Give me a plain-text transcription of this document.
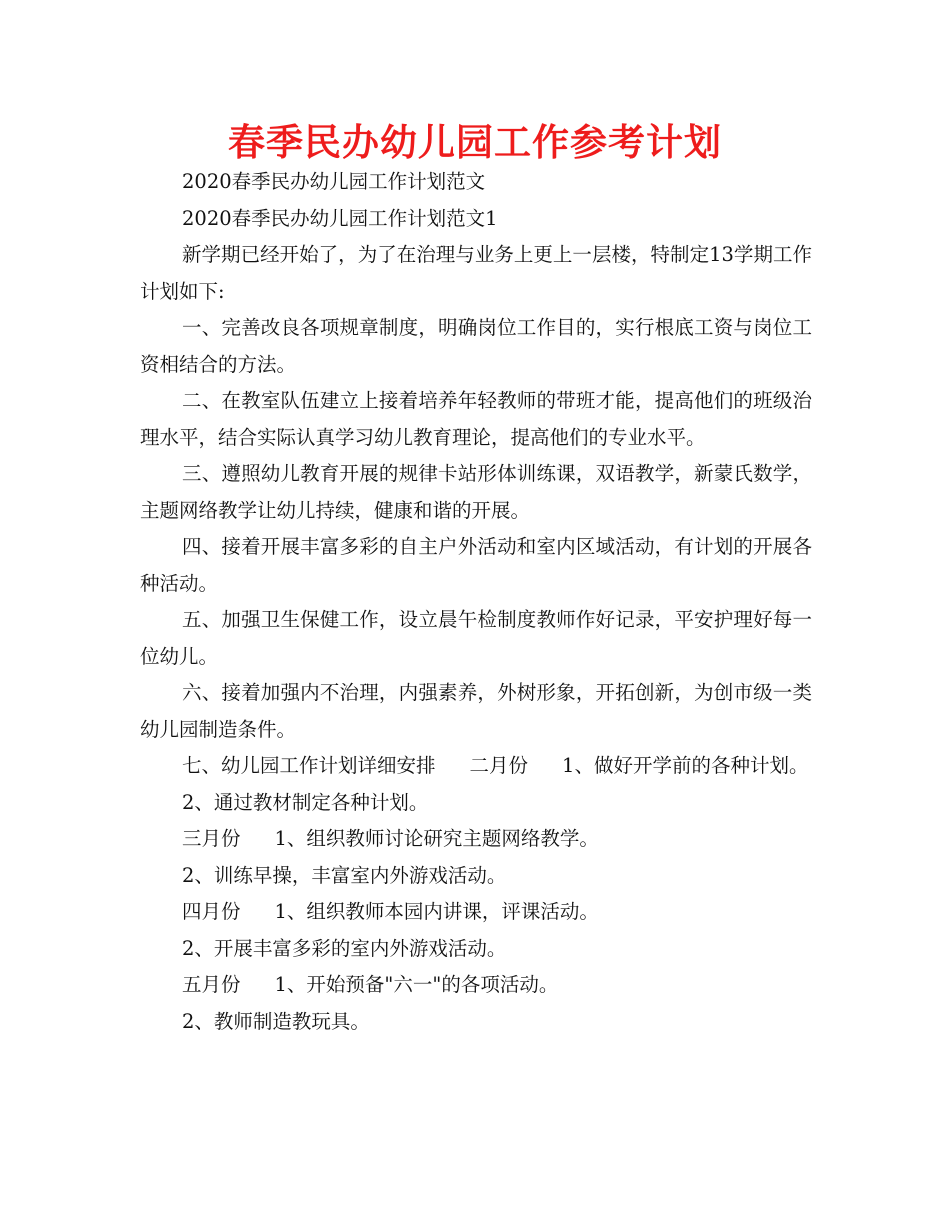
春季民办幼儿园工作参考计划

2020春季民办幼儿园工作计划范文

2020春季民办幼儿园工作计划范文1

新学期已经开始了，为了在治理与业务上更上一层楼，特制定13学期工作计划如下:

一、完善改良各项规章制度，明确岗位工作目的，实行根底工资与岗位工资相结合的方法。

二、在教室队伍建立上接着培养年轻教师的带班才能，提高他们的班级治理水平，结合实际认真学习幼儿教育理论，提高他们的专业水平。

三、遵照幼儿教育开展的规律卡站形体训练课，双语教学，新蒙氏数学，主题网络教学让幼儿持续，健康和谐的开展。

四、接着开展丰富多彩的自主户外活动和室内区域活动，有计划的开展各种活动。

五、加强卫生保健工作，设立晨午检制度教师作好记录，平安护理好每一位幼儿。

六、接着加强内不治理，内强素养，外树形象，开拓创新，为创市级一类幼儿园制造条件。

七、幼儿园工作计划详细安排 二月份 1、做好开学前的各种计划。

2、通过教材制定各种计划。

三月份 1、组织教师讨论研究主题网络教学。

2、训练早操，丰富室内外游戏活动。

四月份 1、组织教师本园内讲课，评课活动。

2、开展丰富多彩的室内外游戏活动。

五月份 1、开始预备"六一"的各项活动。

2、教师制造教玩具。
